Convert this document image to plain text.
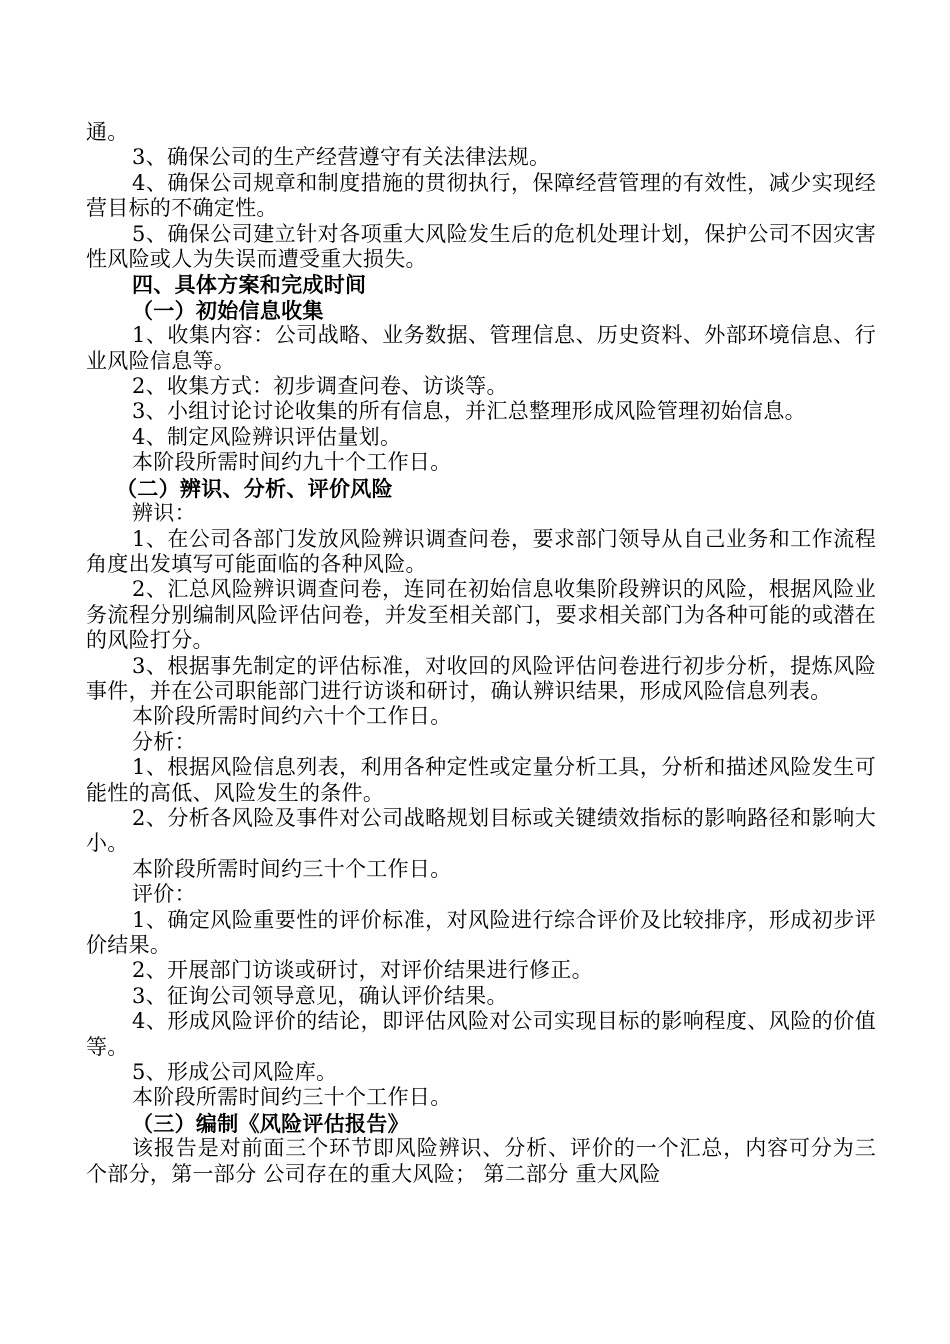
通。

3、确保公司的生产经营遵守有关法律法规。

4、确保公司规章和制度措施的贯彻执行，保障经营管理的有效性，减少实现经营目标的不确定性。

5、确保公司建立针对各项重大风险发生后的危机处理计划，保护公司不因灾害性风险或人为失误而遭受重大损失。

四、具体方案和完成时间

（一）初始信息收集

1、收集内容：公司战略、业务数据、管理信息、历史资料、外部环境信息、行业风险信息等。

2、收集方式：初步调查问卷、访谈等。

3、小组讨论讨论收集的所有信息，并汇总整理形成风险管理初始信息。

4、制定风险辨识评估量划。

本阶段所需时间约九十个工作日。

（二）辨识、分析、评价风险

辨识：

1、在公司各部门发放风险辨识调查问卷，要求部门领导从自己业务和工作流程角度出发填写可能面临的各种风险。

2、汇总风险辨识调查问卷，连同在初始信息收集阶段辨识的风险，根据风险业务流程分别编制风险评估问卷，并发至相关部门，要求相关部门为各种可能的或潜在的风险打分。

3、根据事先制定的评估标准，对收回的风险评估问卷进行初步分析，提炼风险事件，并在公司职能部门进行访谈和研讨，确认辨识结果，形成风险信息列表。

本阶段所需时间约六十个工作日。

分析：

1、根据风险信息列表，利用各种定性或定量分析工具，分析和描述风险发生可能性的高低、风险发生的条件。

2、分析各风险及事件对公司战略规划目标或关键绩效指标的影响路径和影响大小。

本阶段所需时间约三十个工作日。

评价：

1、确定风险重要性的评价标准，对风险进行综合评价及比较排序，形成初步评价结果。

2、开展部门访谈或研讨，对评价结果进行修正。

3、征询公司领导意见，确认评价结果。

4、形成风险评价的结论，即评估风险对公司实现目标的影响程度、风险的价值等。

5、形成公司风险库。

本阶段所需时间约三十个工作日。

（三）编制《风险评估报告》

该报告是对前面三个环节即风险辨识、分析、评价的一个汇总，内容可分为三个部分，第一部分 公司存在的重大风险； 第二部分 重大风险
